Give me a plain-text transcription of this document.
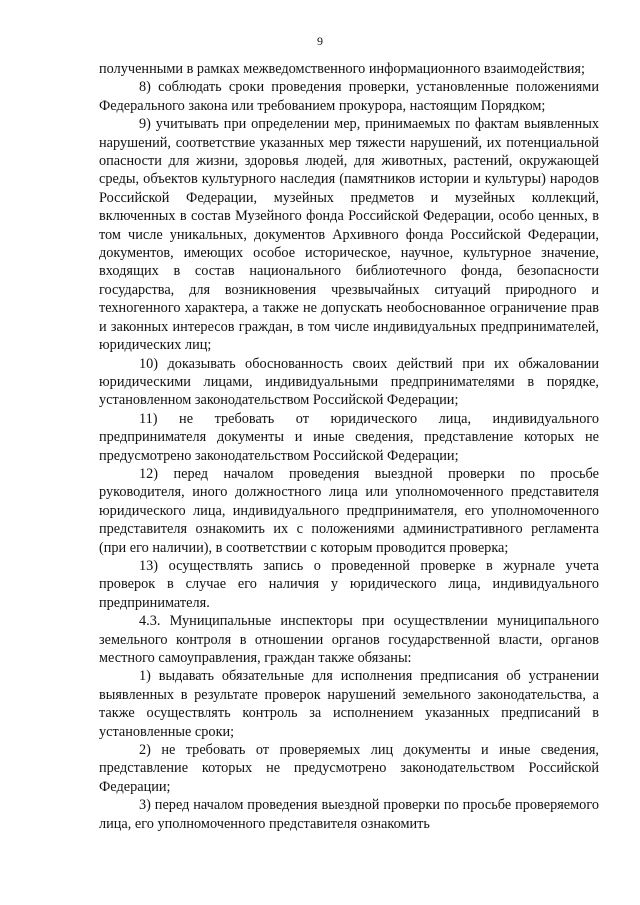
9

полученными в рамках межведомственного информационного взаимодействия;

8) соблюдать сроки проведения проверки, установленные положениями Федерального закона или требованием прокурора, настоящим Порядком;

9) учитывать при определении мер, принимаемых по фактам выявленных нарушений, соответствие указанных мер тяжести нарушений, их потенциальной опасности для жизни, здоровья людей, для животных, растений, окружающей среды, объектов культурного наследия (памятников истории и культуры) народов Российской Федерации, музейных предметов и музейных коллекций, включенных в состав Музейного фонда Российской Федерации, особо ценных, в том числе уникальных, документов Архивного фонда Российской Федерации, документов, имеющих особое историческое, научное, культурное значение, входящих в состав национального библиотечного фонда, безопасности государства, для возникновения чрезвычайных ситуаций природного и техногенного характера, а также не допускать необоснованное ограничение прав и законных интересов граждан, в том числе индивидуальных предпринимателей, юридических лиц;

10) доказывать обоснованность своих действий при их обжаловании юридическими лицами, индивидуальными предпринимателями в порядке, установленном законодательством Российской Федерации;

11) не требовать от юридического лица, индивидуального предпринимателя документы и иные сведения, представление которых не предусмотрено законодательством Российской Федерации;

12) перед началом проведения выездной проверки по просьбе руководителя, иного должностного лица или уполномоченного представителя юридического лица, индивидуального предпринимателя, его уполномоченного представителя ознакомить их с положениями административного регламента (при его наличии), в соответствии с которым проводится проверка;

13) осуществлять запись о проведенной проверке в журнале учета проверок в случае его наличия у юридического лица, индивидуального предпринимателя.

4.3. Муниципальные инспекторы при осуществлении муниципального земельного контроля в отношении органов государственной власти, органов местного самоуправления, граждан также обязаны:

1) выдавать обязательные для исполнения предписания об устранении выявленных в результате проверок нарушений земельного законодательства, а также осуществлять контроль за исполнением указанных предписаний в установленные сроки;

2) не требовать от проверяемых лиц документы и иные сведения, представление которых не предусмотрено законодательством Российской Федерации;

3) перед началом проведения выездной проверки по просьбе проверяемого лица, его уполномоченного представителя ознакомить
